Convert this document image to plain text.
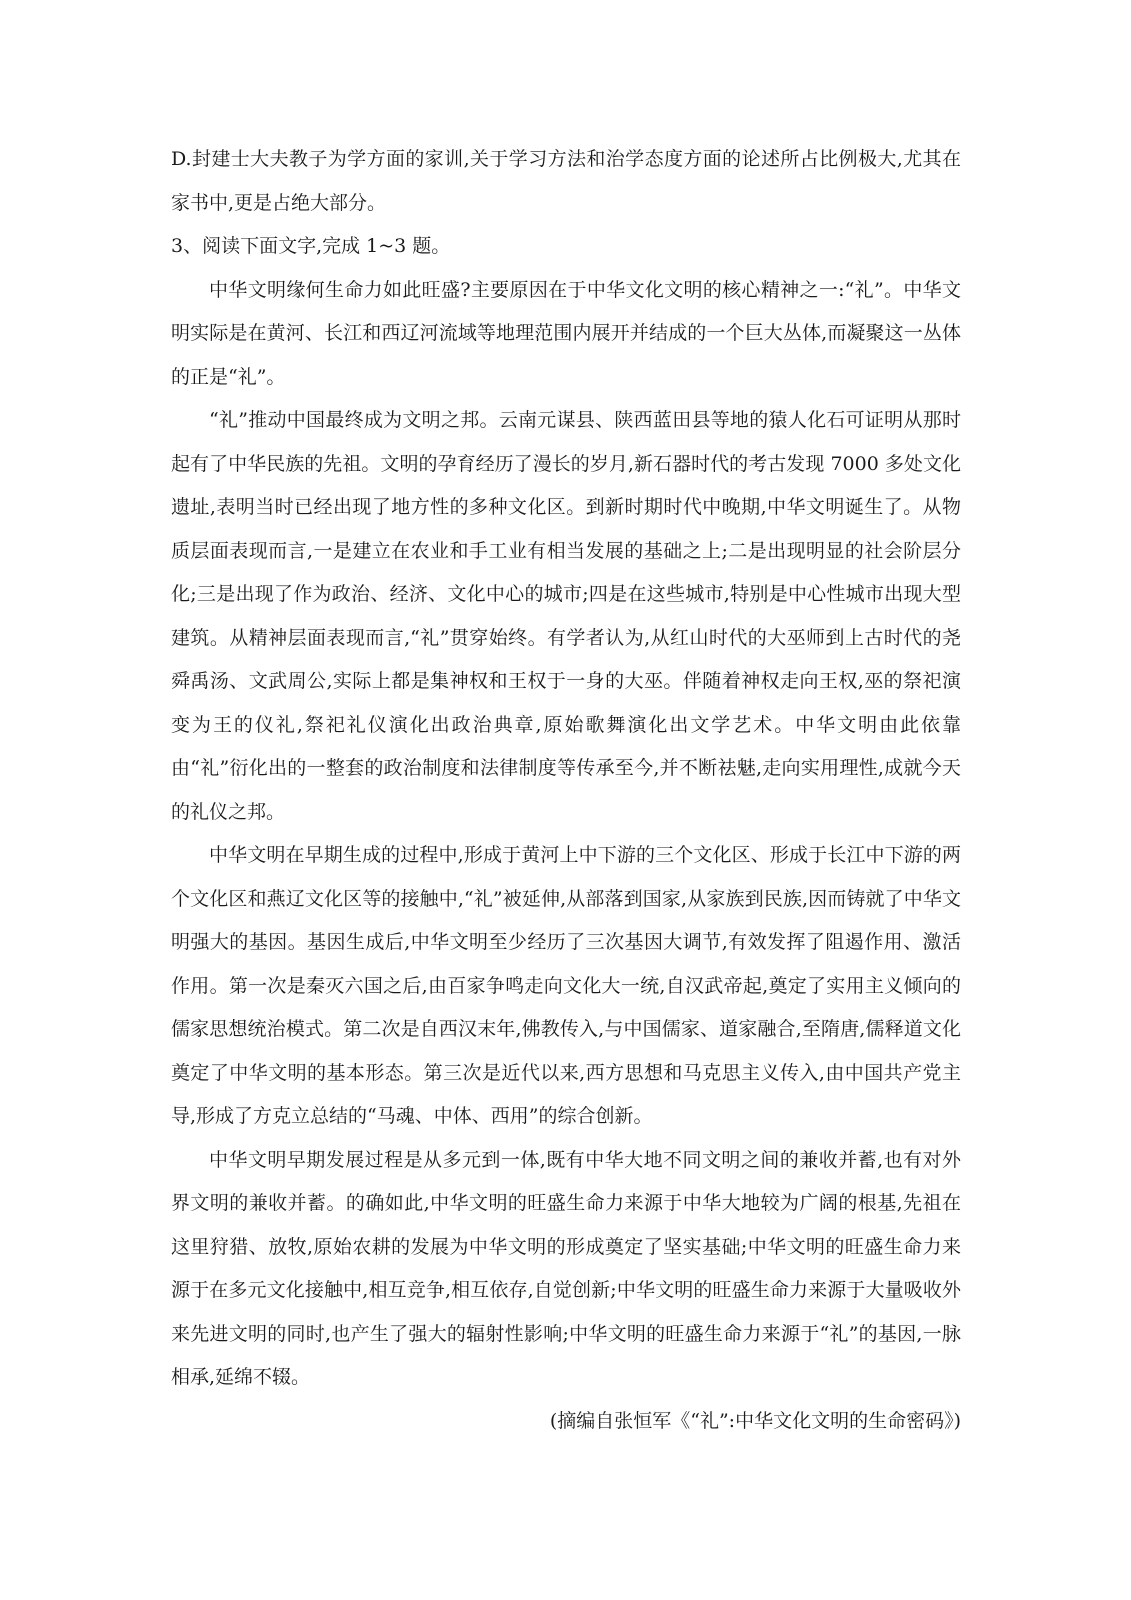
D.封建士大夫教子为学方面的家训,关于学习方法和治学态度方面的论述所占比例极大,尤其在家书中,更是占绝大部分。

3、阅读下面文字,完成 1~3 题。

中华文明缘何生命力如此旺盛?主要原因在于中华文化文明的核心精神之一:“礼”。中华文明实际是在黄河、长江和西辽河流域等地理范围内展开并结成的一个巨大丛体,而凝聚这一丛体的正是“礼”。

“礼”推动中国最终成为文明之邦。云南元谋县、陕西蓝田县等地的猿人化石可证明从那时起有了中华民族的先祖。文明的孕育经历了漫长的岁月,新石器时代的考古发现 7000 多处文化遗址,表明当时已经出现了地方性的多种文化区。到新时期时代中晚期,中华文明诞生了。从物质层面表现而言,一是建立在农业和手工业有相当发展的基础之上;二是出现明显的社会阶层分化;三是出现了作为政治、经济、文化中心的城市;四是在这些城市,特别是中心性城市出现大型建筑。从精神层面表现而言,“礼”贯穿始终。有学者认为,从红山时代的大巫师到上古时代的尧舜禹汤、文武周公,实际上都是集神权和王权于一身的大巫。伴随着神权走向王权,巫的祭祀演变为王的仪礼,祭祀礼仪演化出政治典章,原始歌舞演化出文学艺术。中华文明由此依靠由“礼”衍化出的一整套的政治制度和法律制度等传承至今,并不断祛魅,走向实用理性,成就今天的礼仪之邦。

中华文明在早期生成的过程中,形成于黄河上中下游的三个文化区、形成于长江中下游的两个文化区和燕辽文化区等的接触中,“礼”被延伸,从部落到国家,从家族到民族,因而铸就了中华文明强大的基因。基因生成后,中华文明至少经历了三次基因大调节,有效发挥了阻遏作用、激活作用。第一次是秦灭六国之后,由百家争鸣走向文化大一统,自汉武帝起,奠定了实用主义倾向的儒家思想统治模式。第二次是自西汉末年,佛教传入,与中国儒家、道家融合,至隋唐,儒释道文化奠定了中华文明的基本形态。第三次是近代以来,西方思想和马克思主义传入,由中国共产党主导,形成了方克立总结的“马魂、中体、西用”的综合创新。

中华文明早期发展过程是从多元到一体,既有中华大地不同文明之间的兼收并蓄,也有对外界文明的兼收并蓄。的确如此,中华文明的旺盛生命力来源于中华大地较为广阔的根基,先祖在这里狩猎、放牧,原始农耕的发展为中华文明的形成奠定了坚实基础;中华文明的旺盛生命力来源于在多元文化接触中,相互竞争,相互依存,自觉创新;中华文明的旺盛生命力来源于大量吸收外来先进文明的同时,也产生了强大的辐射性影响;中华文明的旺盛生命力来源于“礼”的基因,一脉相承,延绵不辍。

(摘编自张恒军《“礼”:中华文化文明的生命密码》)
